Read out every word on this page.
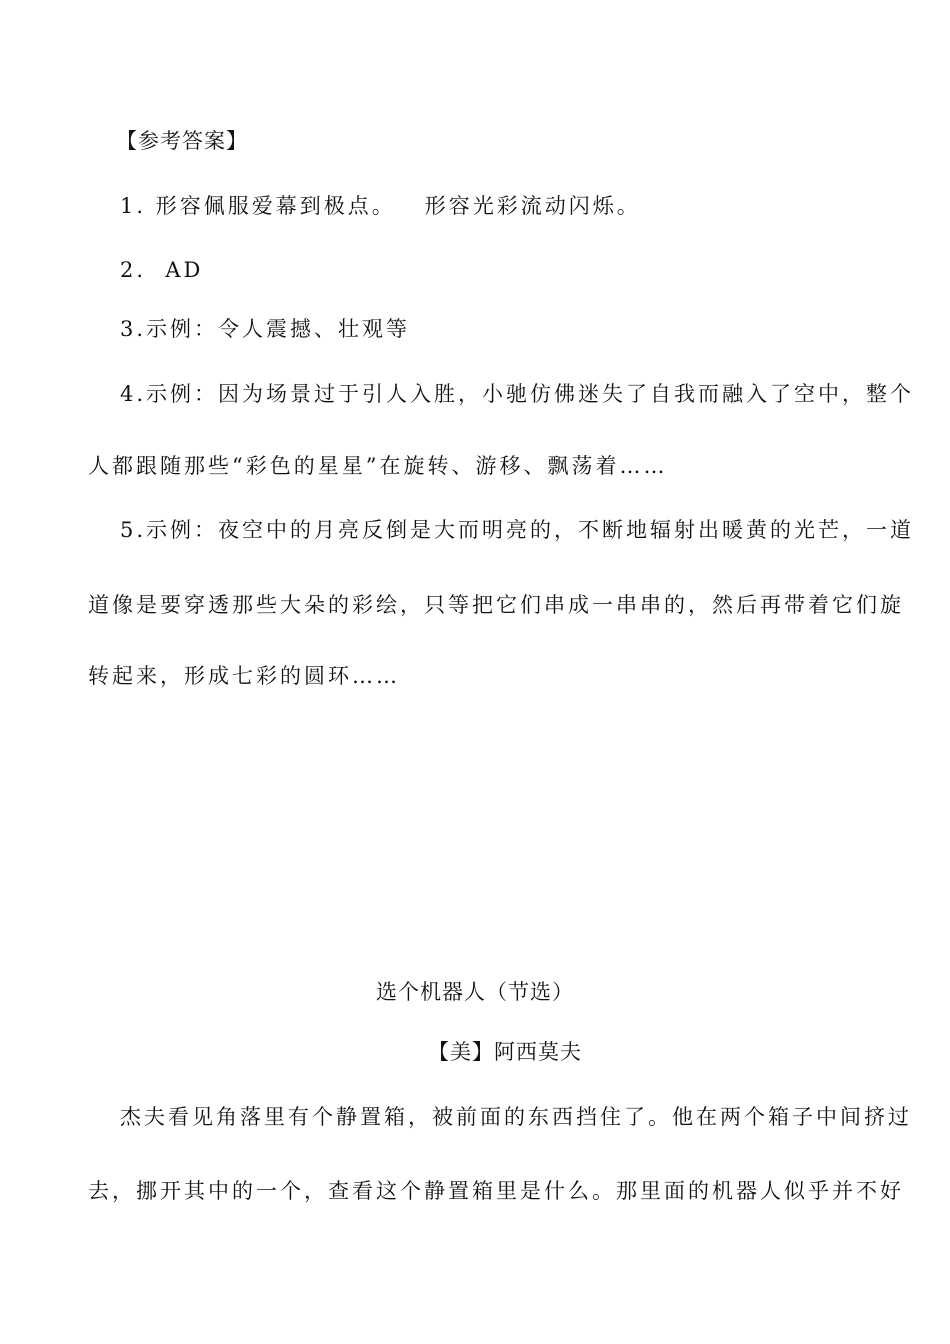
【参考答案】
1. 形容佩服爱幕到极点。   形容光彩流动闪烁。
2.  AD
3.示例：令人震撼、壮观等
4.示例：因为场景过于引人入胜，小驰仿佛迷失了自我而融入了空中，整个
人都跟随那些“彩色的星星”在旋转、游移、飘荡着……
5.示例：夜空中的月亮反倒是大而明亮的，不断地辐射出暖黄的光芒，一道
道像是要穿透那些大朵的彩绘，只等把它们串成一串串的，然后再带着它们旋
转起来，形成七彩的圆环……
选个机器人（节选）
【美】阿西莫夫
杰夫看见角落里有个静置箱，被前面的东西挡住了。他在两个箱子中间挤过
去，挪开其中的一个，查看这个静置箱里是什么。那里面的机器人似乎并不好
